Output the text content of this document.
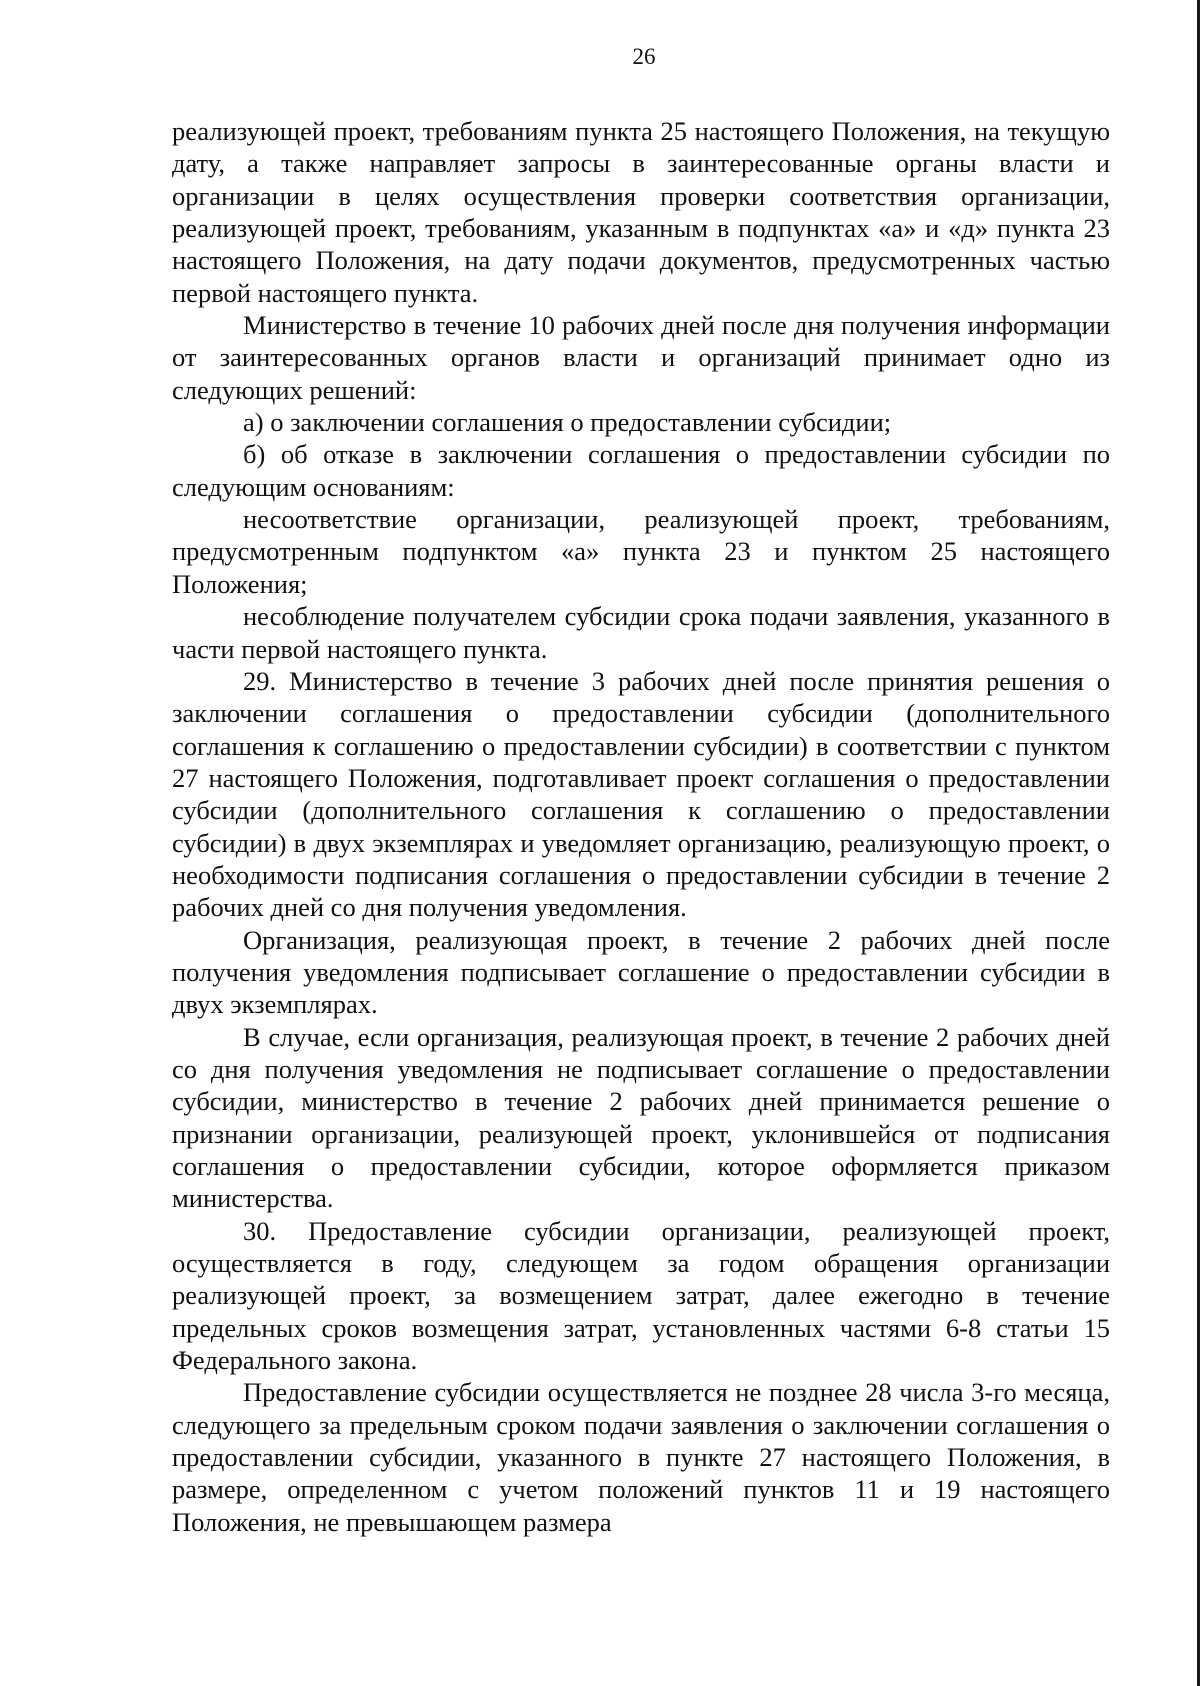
26

реализующей проект, требованиям пункта 25 настоящего Положения, на текущую дату, а также направляет запросы в заинтересованные органы власти и организации в целях осуществления проверки соответствия организации, реализующей проект, требованиям, указанным в подпунктах «а» и «д» пункта 23 настоящего Положения, на дату подачи документов, предусмотренных частью первой настоящего пункта.

Министерство в течение 10 рабочих дней после дня получения информации от заинтересованных органов власти и организаций принимает одно из следующих решений:

а) о заключении соглашения о предоставлении субсидии;

б) об отказе в заключении соглашения о предоставлении субсидии по следующим основаниям:

несоответствие организации, реализующей проект, требованиям, предусмотренным подпунктом «а» пункта 23 и пунктом 25 настоящего Положения;

несоблюдение получателем субсидии срока подачи заявления, указанного в части первой настоящего пункта.

29. Министерство в течение 3 рабочих дней после принятия решения о заключении соглашения о предоставлении субсидии (дополнительного соглашения к соглашению о предоставлении субсидии) в соответствии с пунктом 27 настоящего Положения, подготавливает проект соглашения о предоставлении субсидии (дополнительного соглашения к соглашению о предоставлении субсидии) в двух экземплярах и уведомляет организацию, реализующую проект, о необходимости подписания соглашения о предоставлении субсидии в течение 2 рабочих дней со дня получения уведомления.

Организация, реализующая проект, в течение 2 рабочих дней после получения уведомления подписывает соглашение о предоставлении субсидии в двух экземплярах.

В случае, если организация, реализующая проект, в течение 2 рабочих дней со дня получения уведомления не подписывает соглашение о предоставлении субсидии, министерство в течение 2 рабочих дней принимается решение о признании организации, реализующей проект, уклонившейся от подписания соглашения о предоставлении субсидии, которое оформляется приказом министерства.

30. Предоставление субсидии организации, реализующей проект, осуществляется в году, следующем за годом обращения организации реализующей проект, за возмещением затрат, далее ежегодно в течение предельных сроков возмещения затрат, установленных частями 6-8 статьи 15 Федерального закона.

Предоставление субсидии осуществляется не позднее 28 числа 3-го месяца, следующего за предельным сроком подачи заявления о заключении соглашения о предоставлении субсидии, указанного в пункте 27 настоящего Положения, в размере, определенном с учетом положений пунктов 11 и 19 настоящего Положения, не превышающем размера
